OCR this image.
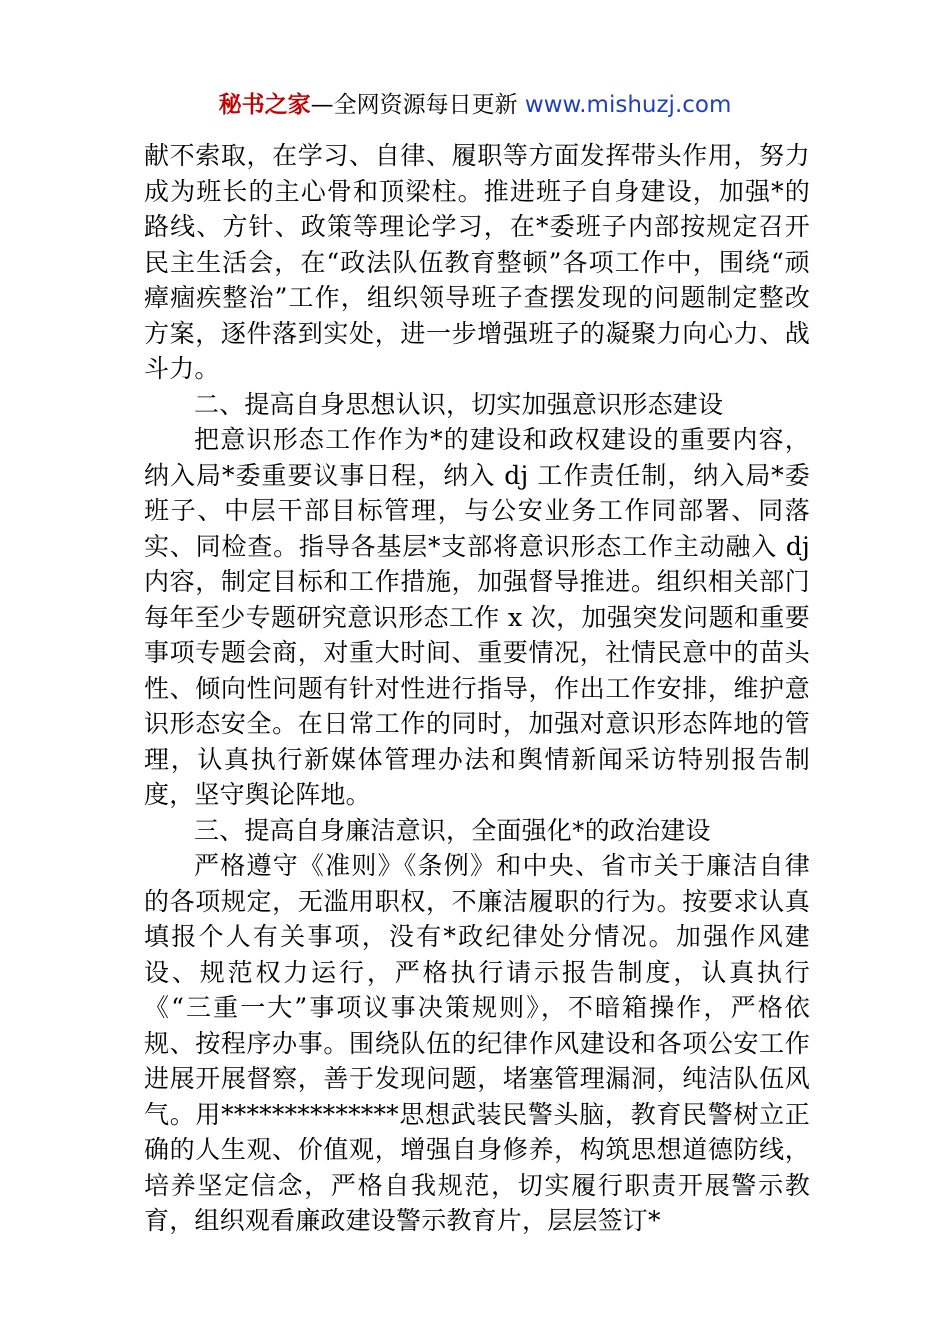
秘书之家—全网资源每日更新 www.mishuzj.com

献不索取，在学习、自律、履职等方面发挥带头作用，努力成为班长的主心骨和顶梁柱。推进班子自身建设，加强*的路线、方针、政策等理论学习，在*委班子内部按规定召开民主生活会，在“政法队伍教育整顿”各项工作中，围绕“顽瘴痼疾整治”工作，组织领导班子查摆发现的问题制定整改方案，逐件落到实处，进一步增强班子的凝聚力向心力、战斗力。

二、提高自身思想认识，切实加强意识形态建设

把意识形态工作作为*的建设和政权建设的重要内容，纳入局*委重要议事日程，纳入 dj 工作责任制，纳入局*委班子、中层干部目标管理，与公安业务工作同部署、同落实、同检查。指导各基层*支部将意识形态工作主动融入 dj 内容，制定目标和工作措施，加强督导推进。组织相关部门每年至少专题研究意识形态工作 x 次，加强突发问题和重要事项专题会商，对重大时间、重要情况，社情民意中的苗头性、倾向性问题有针对性进行指导，作出工作安排，维护意识形态安全。在日常工作的同时，加强对意识形态阵地的管理，认真执行新媒体管理办法和舆情新闻采访特别报告制度，坚守舆论阵地。

三、提高自身廉洁意识，全面强化*的政治建设

严格遵守《准则》《条例》和中央、省市关于廉洁自律的各项规定，无滥用职权，不廉洁履职的行为。按要求认真填报个人有关事项，没有*政纪律处分情况。加强作风建设、规范权力运行，严格执行请示报告制度，认真执行《“三重一大”事项议事决策规则》，不暗箱操作，严格依规、按程序办事。围绕队伍的纪律作风建设和各项公安工作进展开展督察，善于发现问题，堵塞管理漏洞，纯洁队伍风气。用**************思想武装民警头脑，教育民警树立正确的人生观、价值观，增强自身修养，构筑思想道德防线，培养坚定信念，严格自我规范，切实履行职责开展警示教育，组织观看廉政建设警示教育片，层层签订*
